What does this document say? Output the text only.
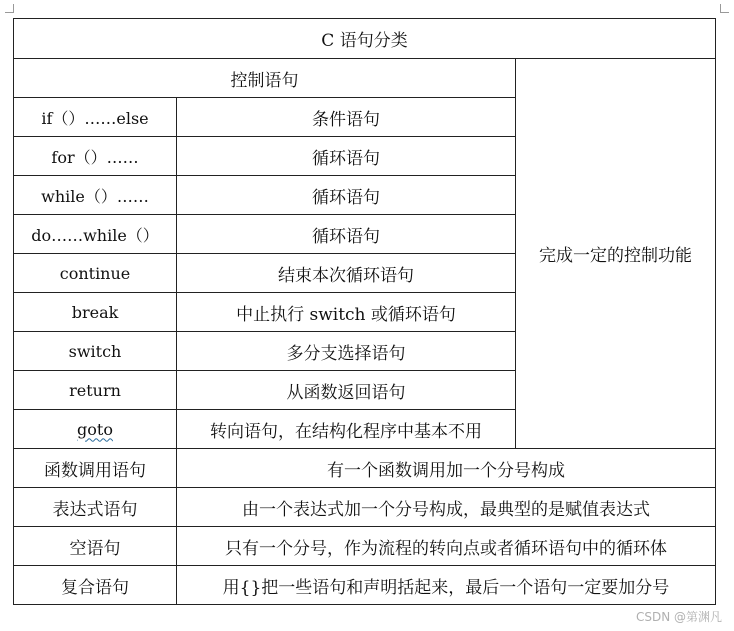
C 语句分类		
控制语句		完成一定的控制功能
if（）……else	条件语句	
for（）……	循环语句	
while（）……	循环语句	
do……while（）	循环语句	
continue	结束本次循环语句	
break	中止执行 switch 或循环语句	
switch	多分支选择语句	
return	从函数返回语句	
goto	转向语句，在结构化程序中基本不用	
函数调用语句	有一个函数调用加一个分号构成	
表达式语句	由一个表达式加一个分号构成，最典型的是赋值表达式	
空语句	只有一个分号，作为流程的转向点或者循环语句中的循环体	
复合语句	用{}把一些语句和声明括起来，最后一个语句一定要加分号	
CSDN @第渊凡
